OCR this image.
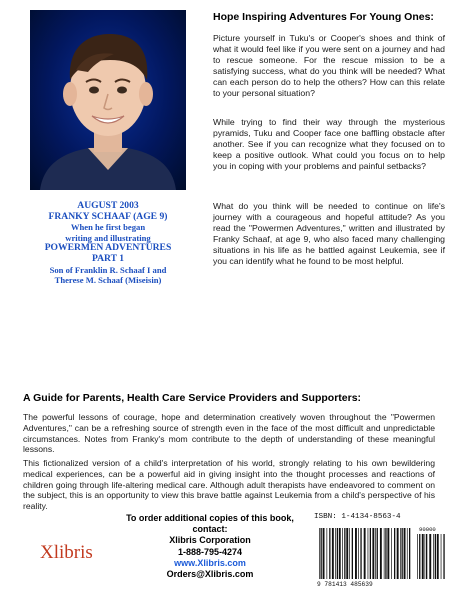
AUGUST 2003
FRANKY SCHAAF (AGE 9)
When he first began
writing and illustrating
POWERMEN ADVENTURES
PART 1
Son of Franklin R. Schaaf I and
Therese M. Schaaf (Miseisin)
Hope Inspiring Adventures For Young Ones:

Picture yourself in Tuku's or Cooper's shoes and think of what it would feel like if you were sent on a journey and had to rescue someone. For the rescue mission to be a satisfying success, what do you think will be needed? What can each person do to help the others? How can this relate to your personal situation?

While trying to find their way through the mysterious pyramids, Tuku and Cooper face one baffling obstacle after another. See if you can recognize what they focused on to keep a positive outlook. What could you focus on to help you in coping with your problems and painful setbacks?

What do you think will be needed to continue on life's journey with a courageous and hopeful attitude? As you read the "Powermen Adventures," written and illustrated by Franky Schaaf, at age 9, who also faced many challenging situations in his life as he battled against Leukemia, see if you can identify what he found to be most helpful.

A Guide for Parents, Health Care Service Providers and Supporters:

The powerful lessons of courage, hope and determination creatively woven throughout the "Powermen Adventures," can be a refreshing source of strength even in the face of the most difficult and unpredictable circumstances. Notes from Franky's mom contribute to the depth of understanding of these meaningful lessons.

This fictionalized version of a child's interpretation of his world, strongly relating to his own bewildering medical experiences, can be a powerful aid in giving insight into the thought processes and reactions of children going through life-altering medical care. Although adult therapists have endeavored to comment on the subject, this is an opportunity to view this brave battle against Leukemia from a child's perspective of his reality.

To order additional copies of this book,
contact:
Xlibris Corporation
1-888-795-4274
www.Xlibris.com
Orders@Xlibris.com
ISBN: 1-4134-8563-4
9 781413 485639
90000
Xlibris
